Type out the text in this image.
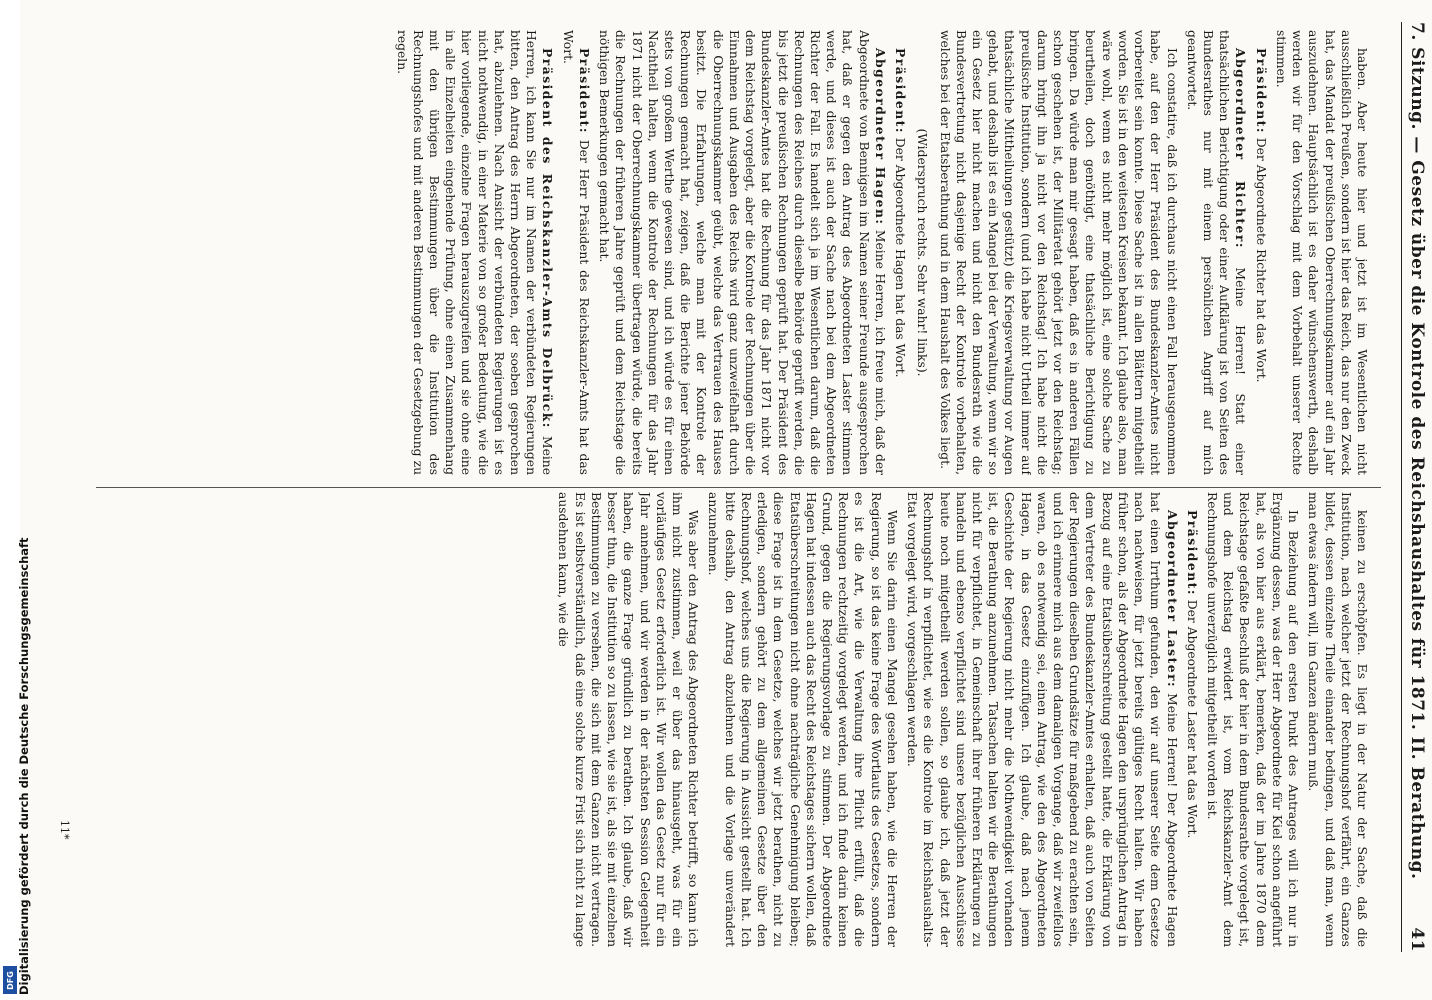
Digitalisierung gefördert durch die Deutsche Forschungsgemeinschaft
DFG
7. Sitzung. — Gesetz über die Kontrole des Reichshaushaltes für 1871. II. Berathung.
41

haben. Aber heute hier und jetzt ist im Wesentlichen nicht ausschließlich Preußen, sondern ist hier das Reich, das nur den Zweck hat, das Mandat der preußischen Oberrechnungskammer auf ein Jahr auszudehnen. Hauptsächlich ist es daher wünschenswerth, deshalb werden wir für den Vorschlag mit dem Vorbehalt unserer Rechte stimmen.

Präsident: Der Abgeordnete Richter hat das Wort.

Abgeordneter Richter: Meine Herren! Statt einer thatsächlichen Berichtigung oder einer Aufklärung ist von Seiten des Bundesrathes nur mit einem persönlichen Angriff auf mich geantwortet.

Ich constatire, daß ich durchaus nicht einen Fall herausgenommen habe, auf den der Herr Präsident des Bundeskanzler-Amtes nicht vorbereitet sein konnte. Diese Sache ist in allen Blättern mitgetheilt worden. Sie ist in den weitesten Kreisen bekannt. Ich glaube also, man wäre wohl, wenn es nicht mehr möglich ist, eine solche Sache zu beurtheilen, doch genöthigt, eine thatsächliche Berichtigung zu bringen. Da würde man mir gesagt haben, daß es in anderen Fällen schon geschehen ist, der Militäretat gehört jetzt vor den Reichstag; darum bringt ihn ja nicht vor den Reichstag! Ich habe nicht die preußische Institution, sondern (und ich habe nicht Urtheil immer auf thatsächliche Mittheilungen gestützt) die Kriegsverwaltung vor Augen gehabt, und deshalb ist es ein Mangel bei der Verwaltung, wenn wir so ein Gesetz hier nicht machen und nicht den Bundesrath wie die Bundesvertretung nicht dasjenige Recht der Kontrole vorbehalten, welches bei der Etatsberathung und in dem Haushalt des Volkes liegt.

(Widerspruch rechts. Sehr wahr! links).

Präsident: Der Abgeordnete Hagen hat das Wort.

Abgeordneter Hagen: Meine Herren, ich freue mich, daß der Abgeordnete von Bennigsen im Namen seiner Freunde ausgesprochen hat, daß er gegen den Antrag des Abgeordneten Laster stimmen werde, und dieses ist auch der Sache nach bei dem Abgeordneten Richter der Fall. Es handelt sich ja im Wesentlichen darum, daß die Rechnungen des Reiches durch dieselbe Behörde geprüft werden, die bis jetzt die preußischen Rechnungen geprüft hat. Der Präsident des Bundeskanzler-Amtes hat die Rechnung für das Jahr 1871 nicht vor dem Reichstag vorgelegt, aber die Kontrole der Rechnungen über die Einnahmen und Ausgaben des Reichs wird ganz unzweifelhaft durch die Oberrechnungskammer geübt, welche das Vertrauen des Hauses besitzt. Die Erfahrungen, welche man mit der Kontrole der Rechnungen gemacht hat, zeigen, daß die Berichte jener Behörde stets von großem Werthe gewesen sind, und ich würde es für einen Nachtheil halten, wenn die Kontrole der Rechnungen für das Jahr 1871 nicht der Oberrechnungskammer übertragen würde, die bereits die Rechnungen der früheren Jahre geprüft und dem Reichstage die nöthigen Bemerkungen gemacht hat.

Präsident: Der Herr Präsident des Reichskanzler-Amts hat das Wort.

Präsident des Reichskanzler-Amts Delbrück: Meine Herren, ich kann Sie nur im Namen der verbündeten Regierungen bitten, den Antrag des Herrn Abgeordneten, der soeben gesprochen hat, abzulehnen. Nach Ansicht der verbündeten Regierungen ist es nicht nothwendig, in einer Materie von so großer Bedeutung, wie die hier vorliegende, einzelne Fragen herauszugreifen und sie ohne eine in alle Einzelheiten eingehende Prüfung, ohne einen Zusammenhang mit den übrigen Bestimmungen über die Institution des Rechnungshofes und mit anderen Bestimmungen der Gesetzgebung zu regeln.

keinen zu erschöpfen. Es liegt in der Natur der Sache, daß die Institution, nach welcher jetzt der Rechnungshof verfährt, ein Ganzes bildet, dessen einzelne Theile einander bedingen, und daß man, wenn man etwas ändern will, im Ganzen ändern muß.

In Beziehung auf den ersten Punkt des Antrages will ich nur in Ergänzung dessen, was der Herr Abgeordnete für Kiel schon angeführt hat, als von hier aus erklärt, bemerken, daß der im Jahre 1870 dem Reichstage gefaßte Beschluß der hier in dem Bundesrathe vorgelegt ist, und dem Reichstag erwidert ist, vom Reichskanzler-Amt dem Rechnungshofe unverzüglich mitgetheilt worden ist.

Präsident: Der Abgeordnete Laster hat das Wort.

Abgeordneter Laster: Meine Herren! Der Abgeordnete Hagen hat einen Irrthum gefunden, den wir auf unserer Seite dem Gesetze nach nachweisen, für jetzt bereits gültiges Recht halten. Wir haben früher schon, als der Abgeordnete Hagen den ursprünglichen Antrag in Bezug auf eine Etatsüberschreitung gestellt hatte, die Erklärung von dem Vertreter des Bundeskanzler-Amtes erhalten, daß auch von Seiten der Regierungen dieselben Grundsätze für maßgebend zu erachten sein, und ich erinnere mich aus dem damaligen Vorgange, daß wir zweifellos waren, ob es notwendig sei, einen Antrag, wie den des Abgeordneten Hagen, in das Gesetz einzufügen. Ich glaube, daß nach jenem Geschichte der Regierung nicht mehr die Nothwendigkeit vorhanden ist, die Berathung anzunehmen. Tatsachen halten wir die Berathungen nicht für verpflichtet, in Gemeinschaft ihrer früheren Erklärungen zu handeln und ebenso verpflichtet sind unsere bezüglichen Ausschüsse heute noch mitgetheilt werden sollen, so glaube ich, daß jetzt der Rechnungshof in verpflichtet, wie es die Kontrole im Reichshaushalts-Etat vorgelegt wird, vorgeschlagen werden.

Wenn Sie darin einen Mangel gesehen haben, wie die Herren der Regierung, so ist das keine Frage des Wortlauts des Gesetzes, sondern es ist die Art, wie die Verwaltung ihre Pflicht erfüllt, daß die Rechnungen rechtzeitig vorgelegt werden, und ich finde darin keinen Grund, gegen die Regierungsvorlage zu stimmen. Der Abgeordnete Hagen hat indessen auch das Recht des Reichstages sichern wollen, daß Etatsüberschreitungen nicht ohne nachträgliche Genehmigung bleiben; diese Frage ist in dem Gesetze, welches wir jetzt berathen, nicht zu erledigen, sondern gehört zu dem allgemeinen Gesetze über den Rechnungshof, welches uns die Regierung in Aussicht gestellt hat. Ich bitte deshalb, den Antrag abzulehnen und die Vorlage unverändert anzunehmen.

Was aber den Antrag des Abgeordneten Richter betrifft, so kann ich ihm nicht zustimmen, weil er über das hinausgeht, was für ein vorläufiges Gesetz erforderlich ist. Wir wollen das Gesetz nur für ein Jahr annehmen, und wir werden in der nächsten Session Gelegenheit haben, die ganze Frage gründlich zu berathen. Ich glaube, daß wir besser thun, die Institution so zu lassen, wie sie ist, als sie mit einzelnen Bestimmungen zu versehen, die sich mit dem Ganzen nicht vertragen. Es ist selbstverständlich, daß eine solche kurze Frist sich nicht zu lange ausdehnen kann, wie die

11*
